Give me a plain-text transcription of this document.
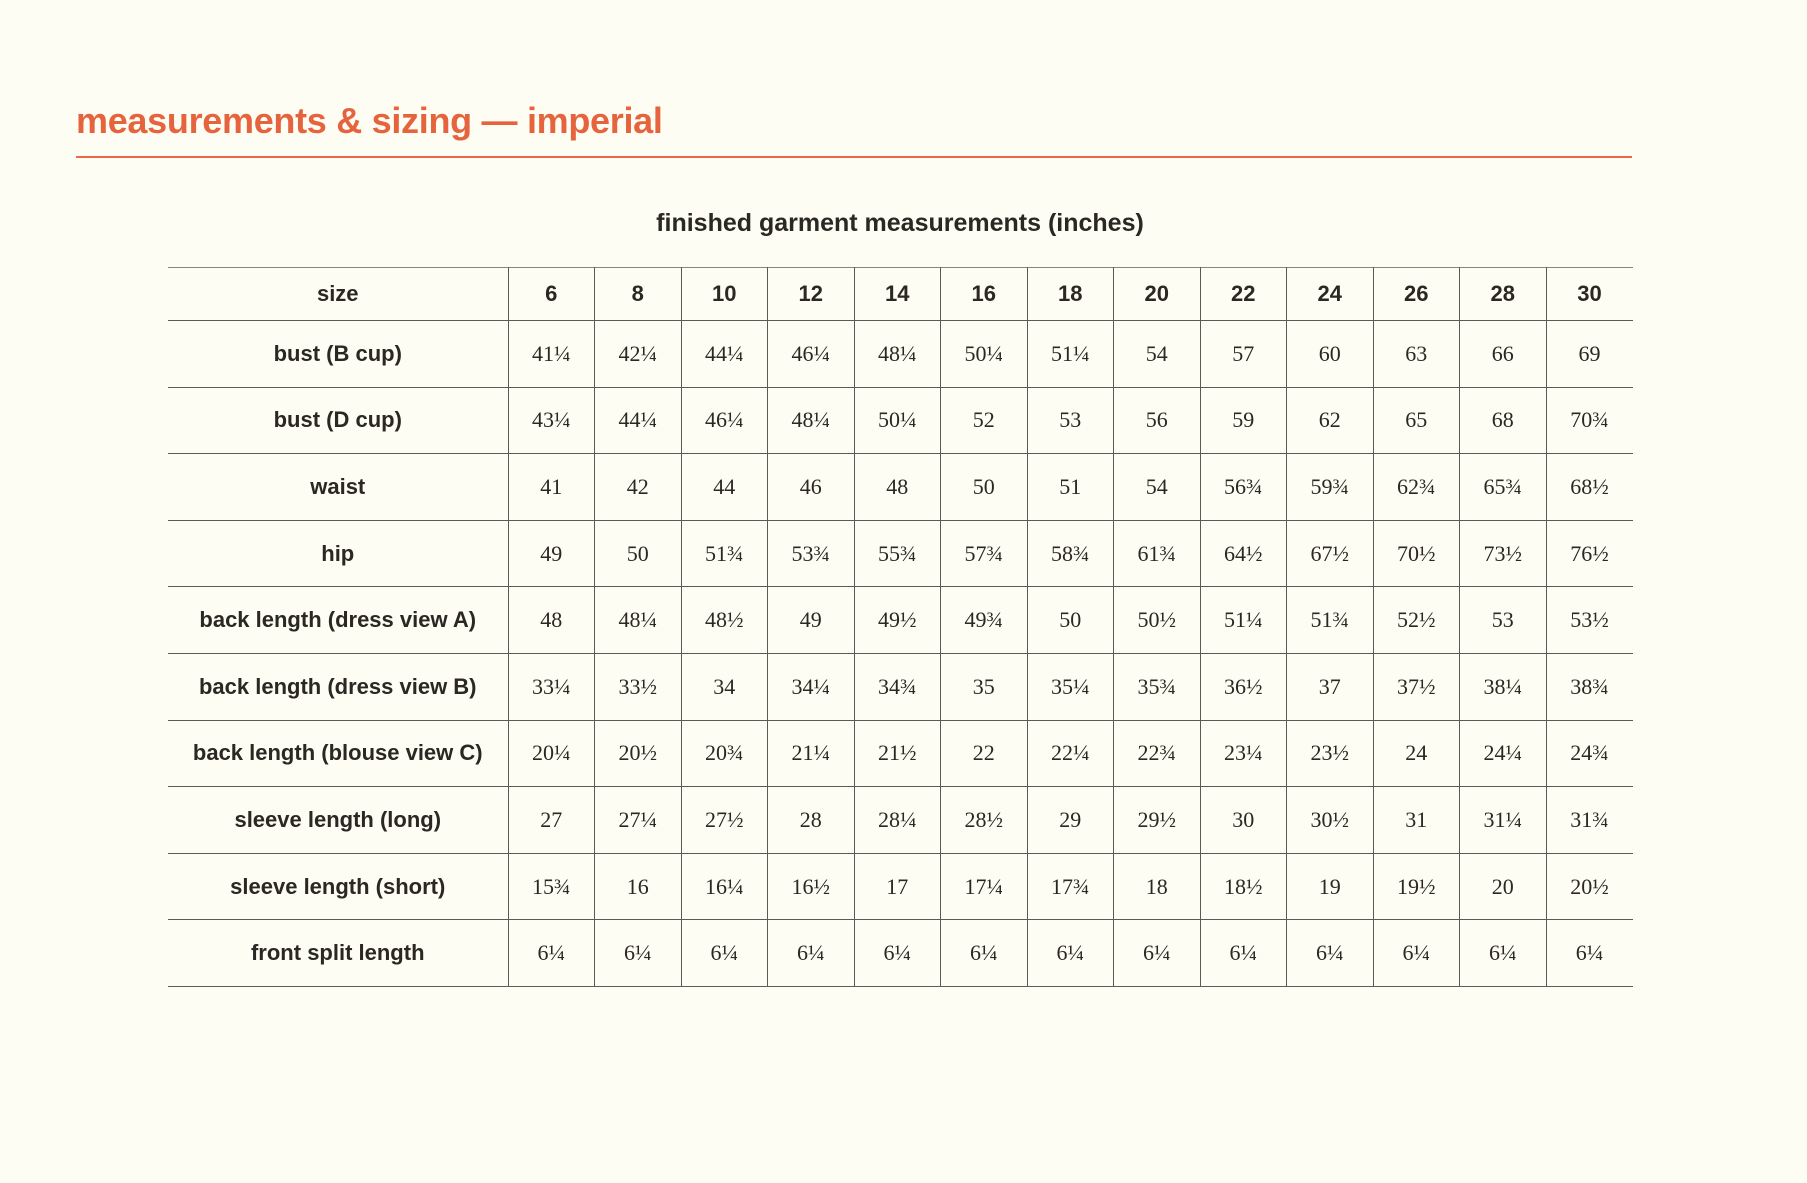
measurements & sizing — imperial
finished garment measurements (inches)
size	6	8	10	12	14	16	18	20	22	24	26	28	30
bust (B cup)	41¼	42¼	44¼	46¼	48¼	50¼	51¼	54	57	60	63	66	69
bust (D cup)	43¼	44¼	46¼	48¼	50¼	52	53	56	59	62	65	68	70¾
waist	41	42	44	46	48	50	51	54	56¾	59¾	62¾	65¾	68½
hip	49	50	51¾	53¾	55¾	57¾	58¾	61¾	64½	67½	70½	73½	76½
back length (dress view A)	48	48¼	48½	49	49½	49¾	50	50½	51¼	51¾	52½	53	53½
back length (dress view B)	33¼	33½	34	34¼	34¾	35	35¼	35¾	36½	37	37½	38¼	38¾
back length (blouse view C)	20¼	20½	20¾	21¼	21½	22	22¼	22¾	23¼	23½	24	24¼	24¾
sleeve length (long)	27	27¼	27½	28	28¼	28½	29	29½	30	30½	31	31¼	31¾
sleeve length (short)	15¾	16	16¼	16½	17	17¼	17¾	18	18½	19	19½	20	20½
front split length	6¼	6¼	6¼	6¼	6¼	6¼	6¼	6¼	6¼	6¼	6¼	6¼	6¼
